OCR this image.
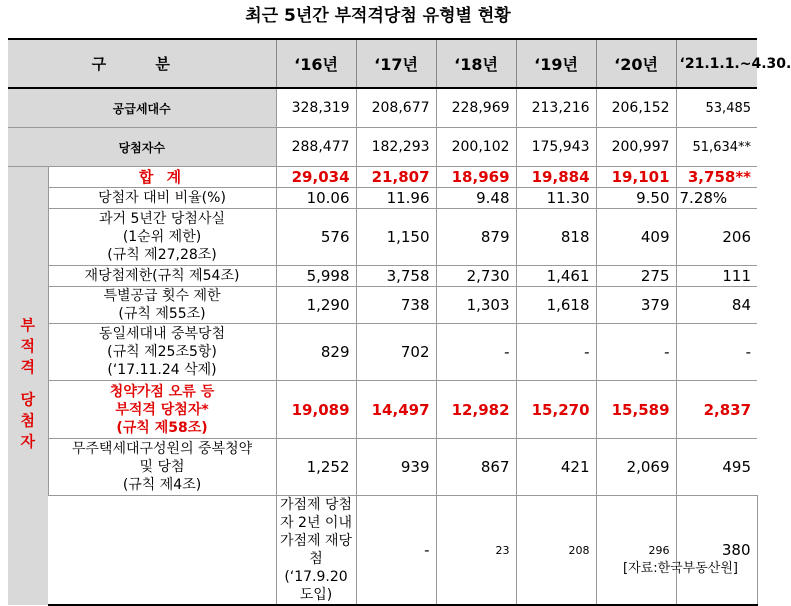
최근 5년간 부적격당첨 유형별 현황
구 분		‘16년	‘17년	‘18년	‘19년	‘20년	‘21.1.1.~4.30.	
공급세대수		328,319	208,677	228,969	213,216	206,152	53,485	
당첨자수		288,477	182,293	200,102	175,943	200,997	51,634**	
부적격 당첨자	합 계	29,034	21,807	18,969	19,884	19,101	3,758**	
	당첨자 대비 비율(%)	10.06	11.96	9.48	11.30	9.50	7.28%	

	과거 5년간 당첨사실
(1순위 제한)
(규칙 제27,28조)	576	1,150	879	818	409	206	
	재당첨제한(규칙 제54조)	5,998	3,758	2,730	1,461	275	111	

	특별공급 횟수 제한
(규칙 제55조)	1,290	738	1,303	1,618	379	84	

	동일세대내 중복당첨
(규칙 제25조5항)
(‘17.11.24 삭제)	829	702	-	-	-	-	

	청약가점 오류 등
부적격 당첨자*
(규칙 제58조)	19,089	14,497	12,982	15,270	15,589	2,837	

	무주택세대구성원의 중복청약
및 당첨
(규칙 제4조)	1,252	939	867	421	2,069	495	

		가점제 당첨자 2년 이내
가점제 재당첨
(‘17.9.20도입)	-	23	208	296	380	
[자료:한국부동산원]
